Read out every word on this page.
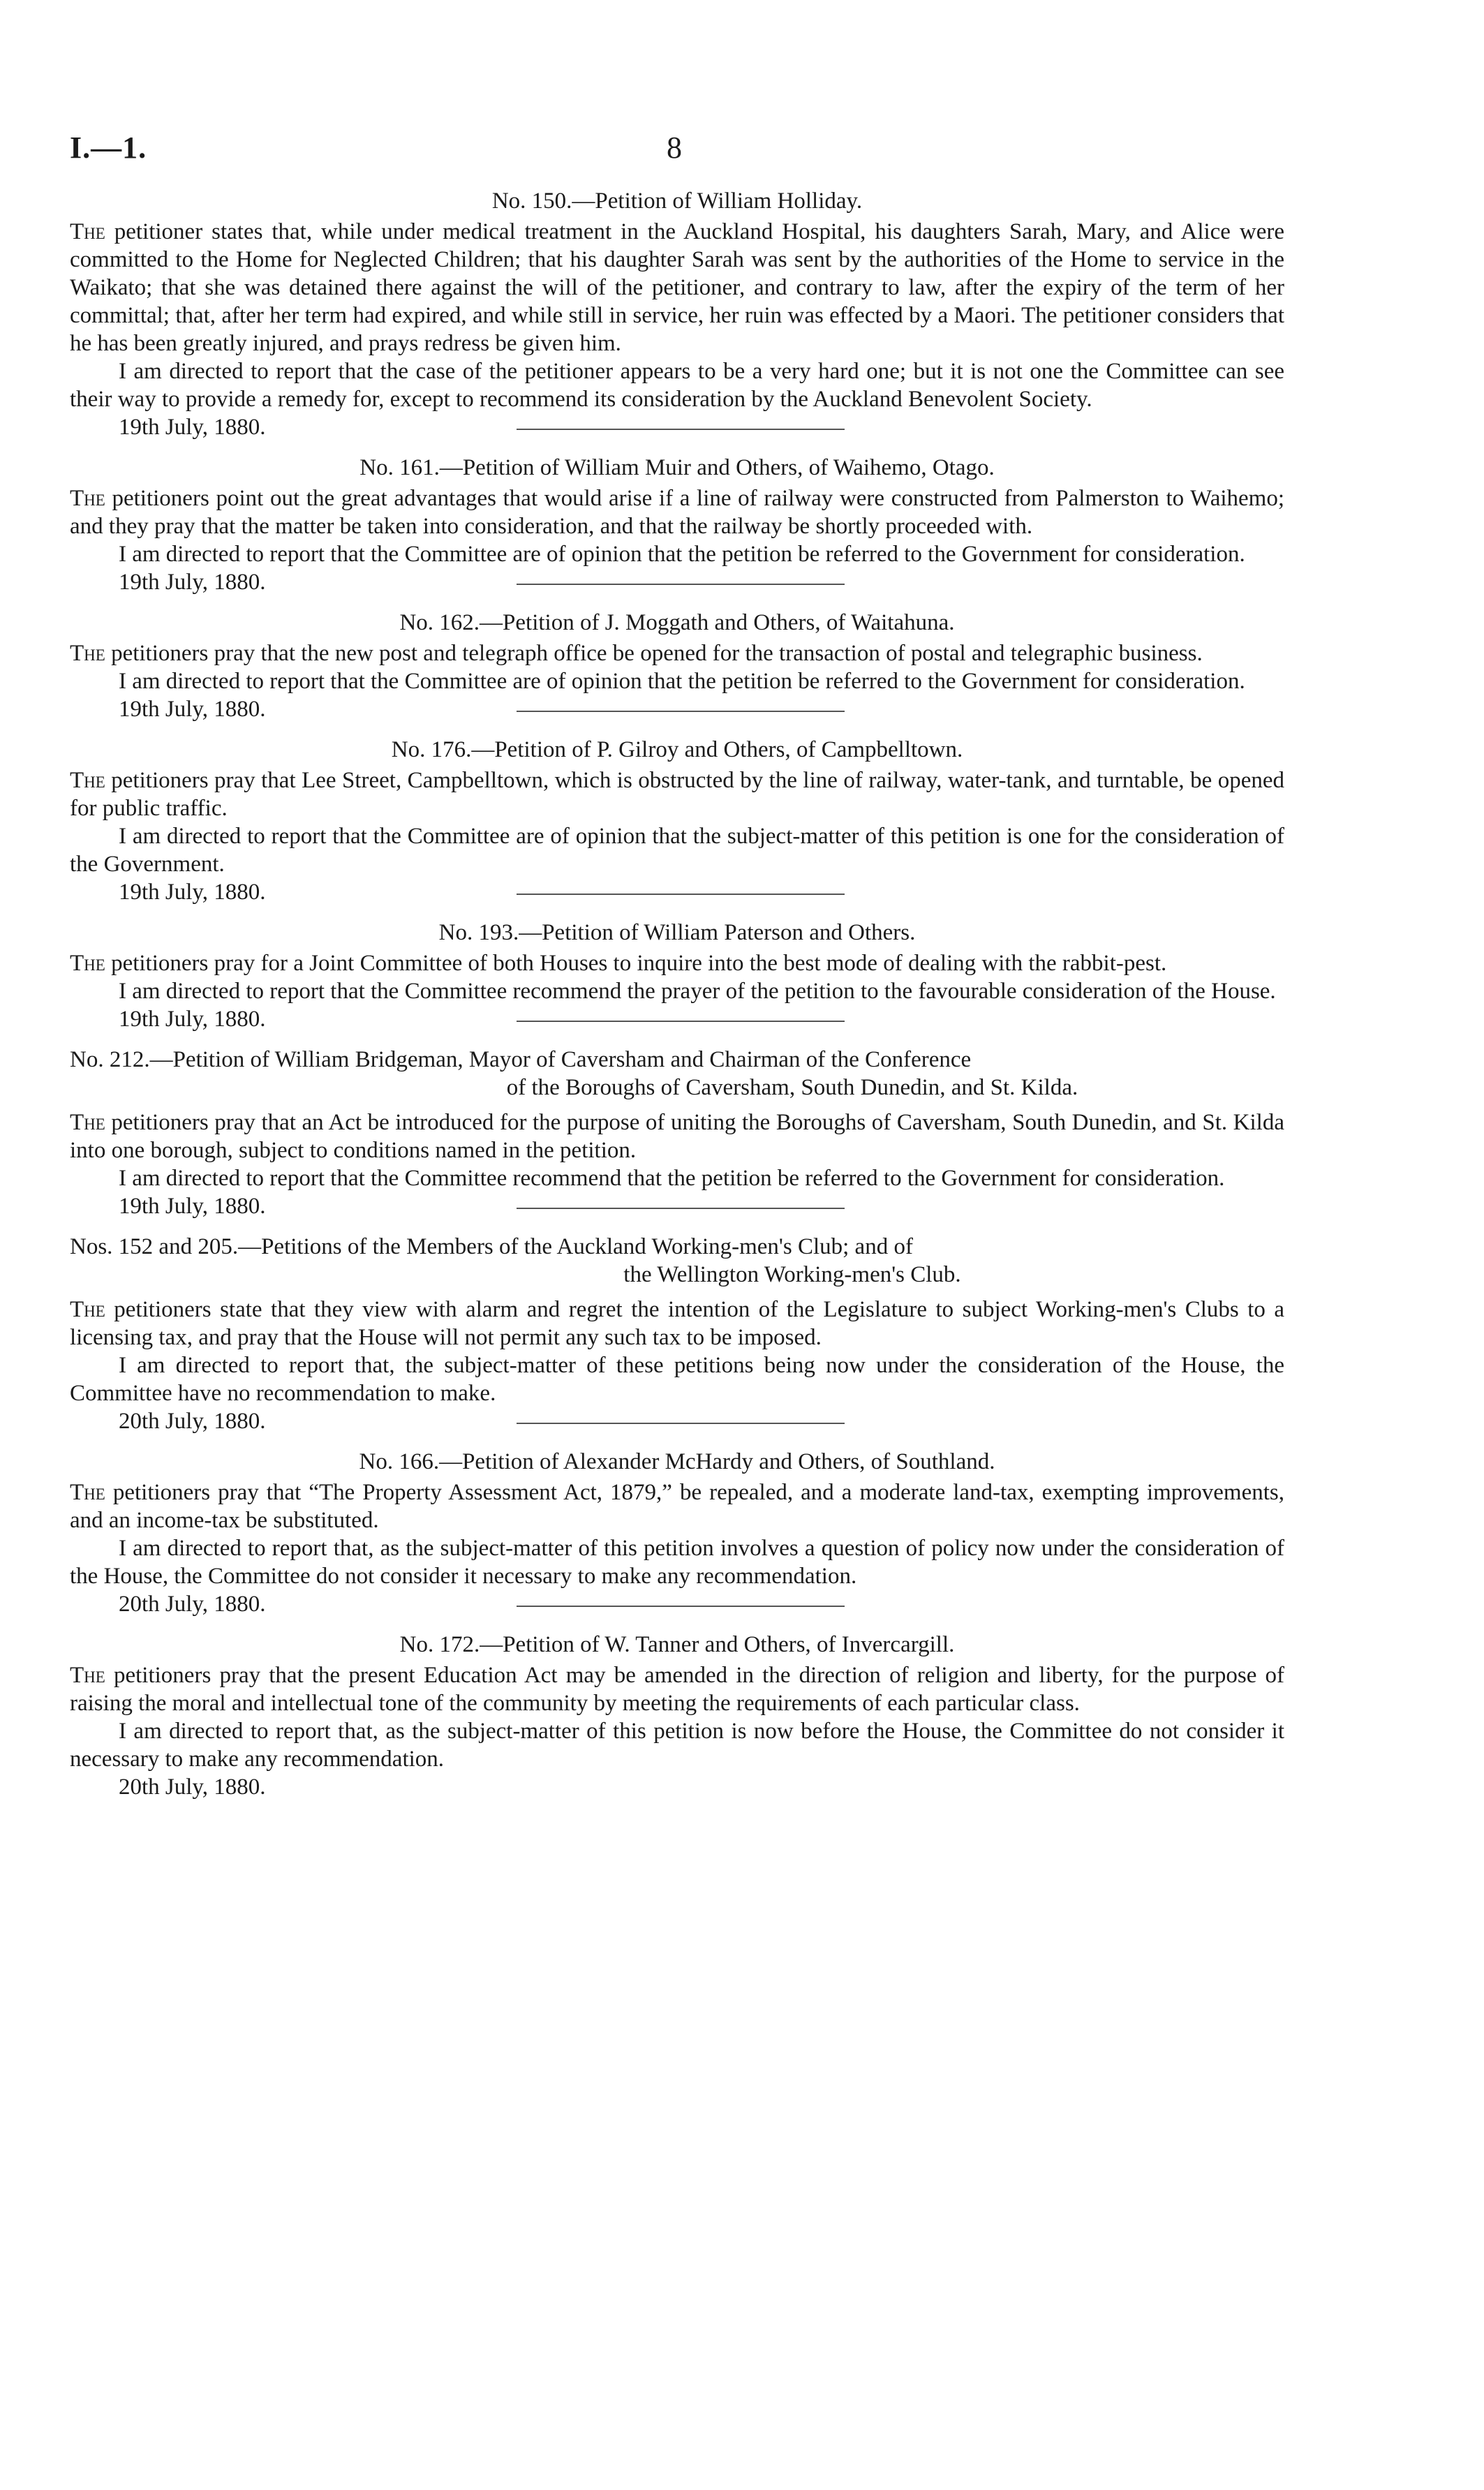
I.—1.	8

No. 150.—Petition of William Holliday.

The petitioner states that, while under medical treatment in the Auckland Hospital, his daughters Sarah, Mary, and Alice were committed to the Home for Neglected Children; that his daughter Sarah was sent by the authorities of the Home to service in the Waikato; that she was detained there against the will of the petitioner, and contrary to law, after the expiry of the term of her committal; that, after her term had expired, and while still in service, her ruin was effected by a Maori. The petitioner considers that he has been greatly injured, and prays redress be given him.

I am directed to report that the case of the petitioner appears to be a very hard one; but it is not one the Committee can see their way to provide a remedy for, except to recommend its consideration by the Auckland Benevolent Society.

19th July, 1880.

No. 161.—Petition of William Muir and Others, of Waihemo, Otago.

The petitioners point out the great advantages that would arise if a line of railway were constructed from Palmerston to Waihemo; and they pray that the matter be taken into consideration, and that the railway be shortly proceeded with.

I am directed to report that the Committee are of opinion that the petition be referred to the Government for consideration.

19th July, 1880.

No. 162.—Petition of J. Moggath and Others, of Waitahuna.

The petitioners pray that the new post and telegraph office be opened for the transaction of postal and telegraphic business.

I am directed to report that the Committee are of opinion that the petition be referred to the Government for consideration.

19th July, 1880.

No. 176.—Petition of P. Gilroy and Others, of Campbelltown.

The petitioners pray that Lee Street, Campbelltown, which is obstructed by the line of railway, water-tank, and turntable, be opened for public traffic.

I am directed to report that the Committee are of opinion that the subject-matter of this petition is one for the consideration of the Government.

19th July, 1880.

No. 193.—Petition of William Paterson and Others.

The petitioners pray for a Joint Committee of both Houses to inquire into the best mode of dealing with the rabbit-pest.

I am directed to report that the Committee recommend the prayer of the petition to the favourable consideration of the House.

19th July, 1880.

No. 212.—Petition of William Bridgeman, Mayor of Caversham and Chairman of the Conference
of the Boroughs of Caversham, South Dunedin, and St. Kilda.

The petitioners pray that an Act be introduced for the purpose of uniting the Boroughs of Caversham, South Dunedin, and St. Kilda into one borough, subject to conditions named in the petition.

I am directed to report that the Committee recommend that the petition be referred to the Government for consideration.

19th July, 1880.

Nos. 152 and 205.—Petitions of the Members of the Auckland Working-men's Club; and of
the Wellington Working-men's Club.

The petitioners state that they view with alarm and regret the intention of the Legislature to subject Working-men's Clubs to a licensing tax, and pray that the House will not permit any such tax to be imposed.

I am directed to report that, the subject-matter of these petitions being now under the consideration of the House, the Committee have no recommendation to make.

20th July, 1880.

No. 166.—Petition of Alexander McHardy and Others, of Southland.

The petitioners pray that “The Property Assessment Act, 1879,” be repealed, and a moderate land-tax, exempting improvements, and an income-tax be substituted.

I am directed to report that, as the subject-matter of this petition involves a question of policy now under the consideration of the House, the Committee do not consider it necessary to make any recommendation.

20th July, 1880.

No. 172.—Petition of W. Tanner and Others, of Invercargill.

The petitioners pray that the present Education Act may be amended in the direction of religion and liberty, for the purpose of raising the moral and intellectual tone of the community by meeting the requirements of each particular class.

I am directed to report that, as the subject-matter of this petition is now before the House, the Committee do not consider it necessary to make any recommendation.

20th July, 1880.
